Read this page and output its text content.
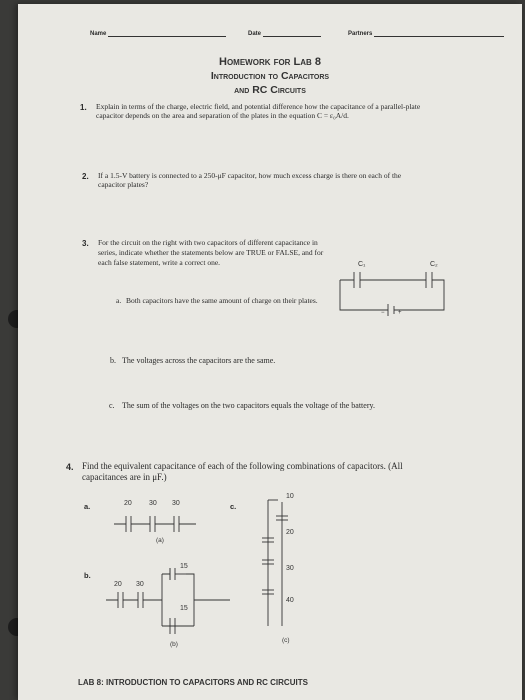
Name	Date	Partners
Homework for Lab 8
Introduction to Capacitors
and RC Circuits
1. Explain in terms of the charge, electric field, and potential difference how the capacitance of a parallel-plate capacitor depends on the area and separation of the plates in the equation C = ε₀A/d.
2. If a 1.5-V battery is connected to a 250-μF capacitor, how much excess charge is there on each of the capacitor plates?
3. For the circuit on the right with two capacitors of different capacitance in series, indicate whether the statements below are TRUE or FALSE, and for each false statement, write a correct one.	C₁	C₂
− +
a. Both capacitors have the same amount of charge on their plates.
b. The voltages across the capacitors are the same.
c. The sum of the voltages on the two capacitors equals the voltage of the battery.
4. Find the equivalent capacitance of each of the following combinations of capacitors. (All capacitances are in μF.)
a.	20 30 30
(a)
b.
20 30
15
15
(b)
c.
10
20
30
40
(c)
LAB 8: INTRODUCTION TO CAPACITORS AND RC CIRCUITS
